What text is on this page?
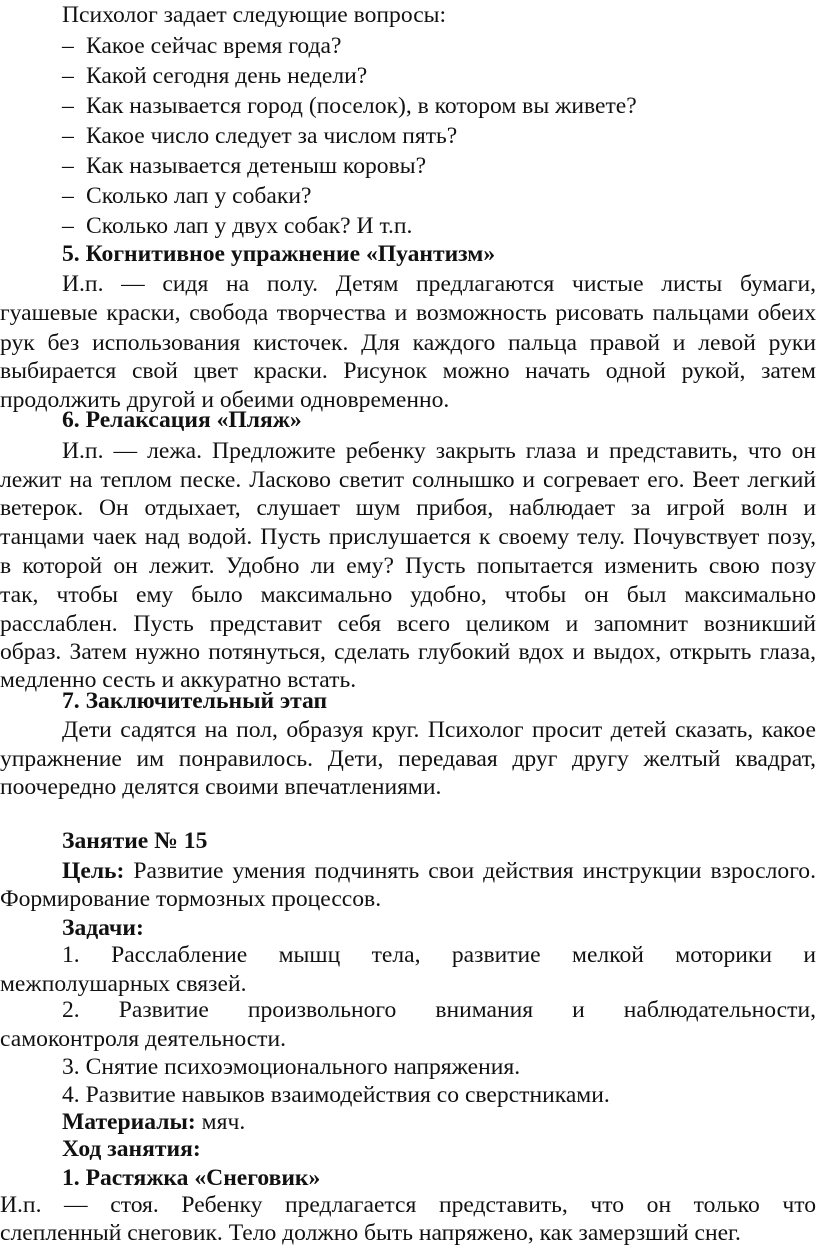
Психолог задает следующие вопросы:
– Какое сейчас время года?
– Какой сегодня день недели?
– Как называется город (поселок), в котором вы живете?
– Какое число следует за числом пять?
– Как называется детеныш коровы?
– Сколько лап у собаки?
– Сколько лап у двух собак? И т.п.
5. Когнитивное упражнение «Пуантизм»
И.п. — сидя на полу. Детям предлагаются чистые листы бумаги,
гуашевые краски, свобода творчества и возможность рисовать пальцами обеих
рук без использования кисточек. Для каждого пальца правой и левой руки
выбирается свой цвет краски. Рисунок можно начать одной рукой, затем
продолжить другой и обеими одновременно.
6. Релаксация «Пляж»
И.п. — лежа. Предложите ребенку закрыть глаза и представить, что он
лежит на теплом песке. Ласково светит солнышко и согревает его. Веет легкий
ветерок. Он отдыхает, слушает шум прибоя, наблюдает за игрой волн и
танцами чаек над водой. Пусть прислушается к своему телу. Почувствует позу,
в которой он лежит. Удобно ли ему? Пусть попытается изменить свою позу
так, чтобы ему было максимально удобно, чтобы он был максимально
расслаблен. Пусть представит себя всего целиком и запомнит возникший
образ. Затем нужно потянуться, сделать глубокий вдох и выдох, открыть глаза,
медленно сесть и аккуратно встать.
7. Заключительный этап
Дети садятся на пол, образуя круг. Психолог просит детей сказать, какое
упражнение им понравилось. Дети, передавая друг другу желтый квадрат,
поочередно делятся своими впечатлениями.
Занятие № 15
Цель: Развитие умения подчинять свои действия инструкции взрослого.
Формирование тормозных процессов.
Задачи:
1. Расслабление мышц тела, развитие мелкой моторики и
межполушарных связей.
2. Развитие произвольного внимания и наблюдательности,
самоконтроля деятельности.
3. Снятие психоэмоционального напряжения.
4. Развитие навыков взаимодействия со сверстниками.
Материалы: мяч.
Ход занятия:
1. Растяжка «Снеговик»
И.п. — стоя. Ребенку предлагается представить, что он только что
слепленный снеговик. Тело должно быть напряжено, как замерзший снег.
